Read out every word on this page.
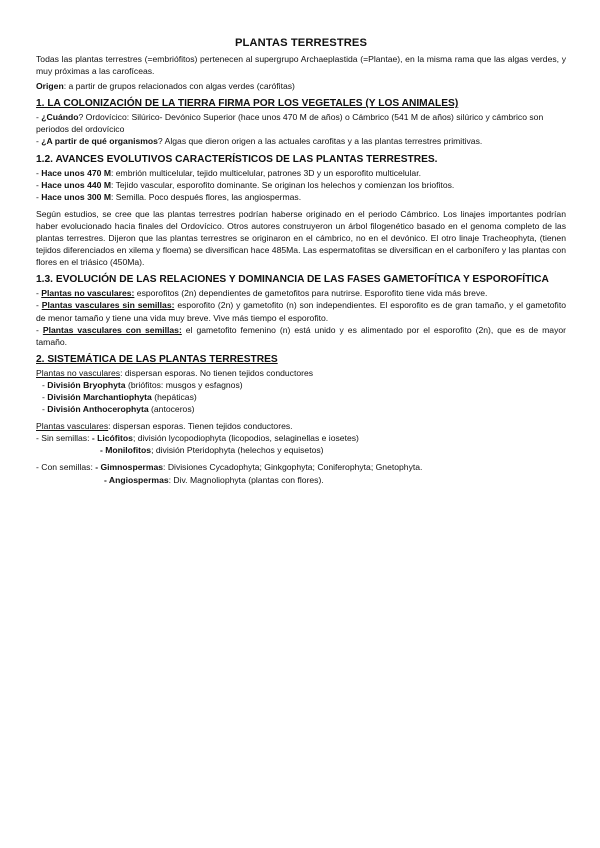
PLANTAS TERRESTRES

Todas las plantas terrestres (=embriófitos) pertenecen al supergrupo Archaeplastida (=Plantae), en la misma rama que las algas verdes, y muy próximas a las carofíceas.

Origen: a partir de grupos relacionados con algas verdes (carófitas)

1. LA COLONIZACIÓN DE LA TIERRA FIRMA POR LOS VEGETALES (Y LOS ANIMALES)

- ¿Cuándo? Ordovícico: Silúrico- Devónico Superior (hace unos 470 M de años) o Cámbrico (541 M de años) silúrico y cámbrico son periodos del ordovícico

- ¿A partir de qué organismos? Algas que dieron origen a las actuales carofitas y a las plantas terrestres primitivas.

1.2. AVANCES EVOLUTIVOS CARACTERÍSTICOS DE LAS PLANTAS TERRESTRES.

- Hace unos 470 M: embrión multicelular, tejido multicelular, patrones 3D y un esporofito multicelular.

- Hace unos 440 M: Tejido vascular, esporofito dominante. Se originan los helechos y comienzan los briofitos.

- Hace unos 300 M: Semilla. Poco después flores, las angiospermas.

Según estudios, se cree que las plantas terrestres podrían haberse originado en el periodo Cámbrico. Los linajes importantes podrían haber evolucionado hacia finales del Ordovícico. Otros autores construyeron un árbol filogenético basado en el genoma completo de las plantas terrestres. Dijeron que las plantas terrestres se originaron en el cámbrico, no en el devónico. El otro linaje Tracheophyta, (tienen tejidos diferenciados en xilema y floema) se diversifican hace 485Ma. Las espermatofitas se diversifican en el carbonífero y las plantas con flores en el triásico (450Ma).

1.3. EVOLUCIÓN DE LAS RELACIONES Y DOMINANCIA DE LAS FASES GAMETOFÍTICA Y ESPOROFÍTICA

- Plantas no vasculares: esporofitos (2n) dependientes de gametofitos para nutrirse. Esporofito tiene vida más breve.

- Plantas vasculares sin semillas: esporofito (2n) y gametofito (n) son independientes. El esporofito es de gran tamaño, y el gametofito de menor tamaño y tiene una vida muy breve. Vive más tiempo el esporofito.

- Plantas vasculares con semillas: el gametofito femenino (n) está unido y es alimentado por el esporofito (2n), que es de mayor tamaño.

2. SISTEMÁTICA DE LAS PLANTAS TERRESTRES

Plantas no vasculares: dispersan esporas. No tienen tejidos conductores

- División Bryophyta (briófitos: musgos y esfagnos)

- División Marchantiophyta (hepáticas)

- División Anthocerophyta (antoceros)

Plantas vasculares: dispersan esporas. Tienen tejidos conductores.

- Sin semillas: - Licófitos; división lycopodiophyta (licopodios, selaginellas e iosetes)

- Monilofitos; división Pteridophyta (helechos y equisetos)

- Con semillas: - Gimnospermas: Divisiones Cycadophyta; Ginkgophyta; Coniferophyta; Gnetophyta.

- Angiospermas: Div. Magnoliophyta (plantas con flores).
